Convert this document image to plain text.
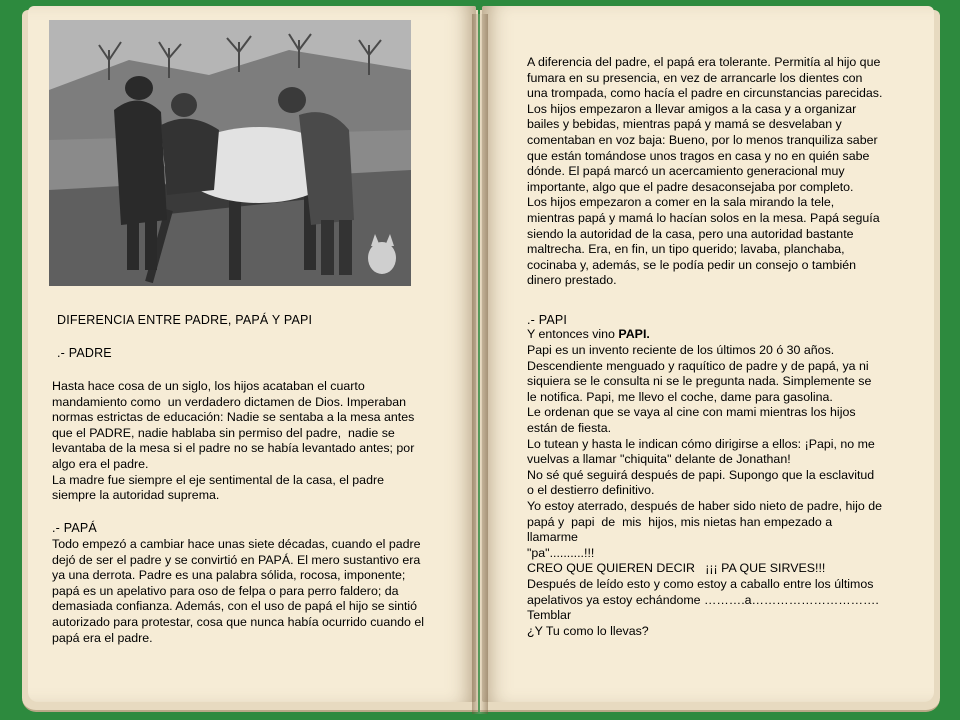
DIFERENCIA ENTRE PADRE, PAPÁ Y PAPI
.- PADRE
Hasta hace cosa de un siglo, los hijos acataban el cuarto
mandamiento como  un verdadero dictamen de Dios. Imperaban
normas estrictas de educación: Nadie se sentaba a la mesa antes
que el PADRE, nadie hablaba sin permiso del padre,  nadie se
levantaba de la mesa si el padre no se había levantado antes; por
algo era el padre.
La madre fue siempre el eje sentimental de la casa, el padre
siempre la autoridad suprema.
.- PAPÁ
Todo empezó a cambiar hace unas siete décadas, cuando el padre
dejó de ser el padre y se convirtió en PAPÁ. El mero sustantivo era
ya una derrota. Padre es una palabra sólida, rocosa, imponente;
papá es un apelativo para oso de felpa o para perro faldero; da
demasiada confianza. Además, con el uso de papá el hijo se sintió
autorizado para protestar, cosa que nunca había ocurrido cuando el
papá era el padre.
A diferencia del padre, el papá era tolerante. Permitía al hijo que
fumara en su presencia, en vez de arrancarle los dientes con
una trompada, como hacía el padre en circunstancias parecidas.
Los hijos empezaron a llevar amigos a la casa y a organizar
bailes y bebidas, mientras papá y mamá se desvelaban y
comentaban en voz baja: Bueno, por lo menos tranquiliza saber
que están tomándose unos tragos en casa y no en quién sabe
dónde. El papá marcó un acercamiento generacional muy
importante, algo que el padre desaconsejaba por completo.
Los hijos empezaron a comer en la sala mirando la tele,
mientras papá y mamá lo hacían solos en la mesa. Papá seguía
siendo la autoridad de la casa, pero una autoridad bastante
maltrecha. Era, en fin, un tipo querido; lavaba, planchaba,
cocinaba y, además, se le podía pedir un consejo o también
dinero prestado.
.- PAPI
Y entonces vino PAPI.
Papi es un invento reciente de los últimos 20 ó 30 años.
Descendiente menguado y raquítico de padre y de papá, ya ni
siquiera se le consulta ni se le pregunta nada. Simplemente se
le notifica. Papi, me llevo el coche, dame para gasolina.
Le ordenan que se vaya al cine con mami mientras los hijos
están de fiesta.
Lo tutean y hasta le indican cómo dirigirse a ellos: ¡Papi, no me
vuelvas a llamar "chiquita" delante de Jonathan!
No sé qué seguirá después de papi. Supongo que la esclavitud
o el destierro definitivo.
Yo estoy aterrado, después de haber sido nieto de padre, hijo de
papá y  papi  de  mis  hijos, mis nietas han empezado a
llamarme
"pa"..........!!!
CREO QUE QUIEREN DECIR   ¡¡¡ PA QUE SIRVES!!!
Después de leído esto y como estoy a caballo entre los últimos
apelativos ya estoy echándome ……….a………………………….
Temblar
¿Y Tu como lo llevas?
